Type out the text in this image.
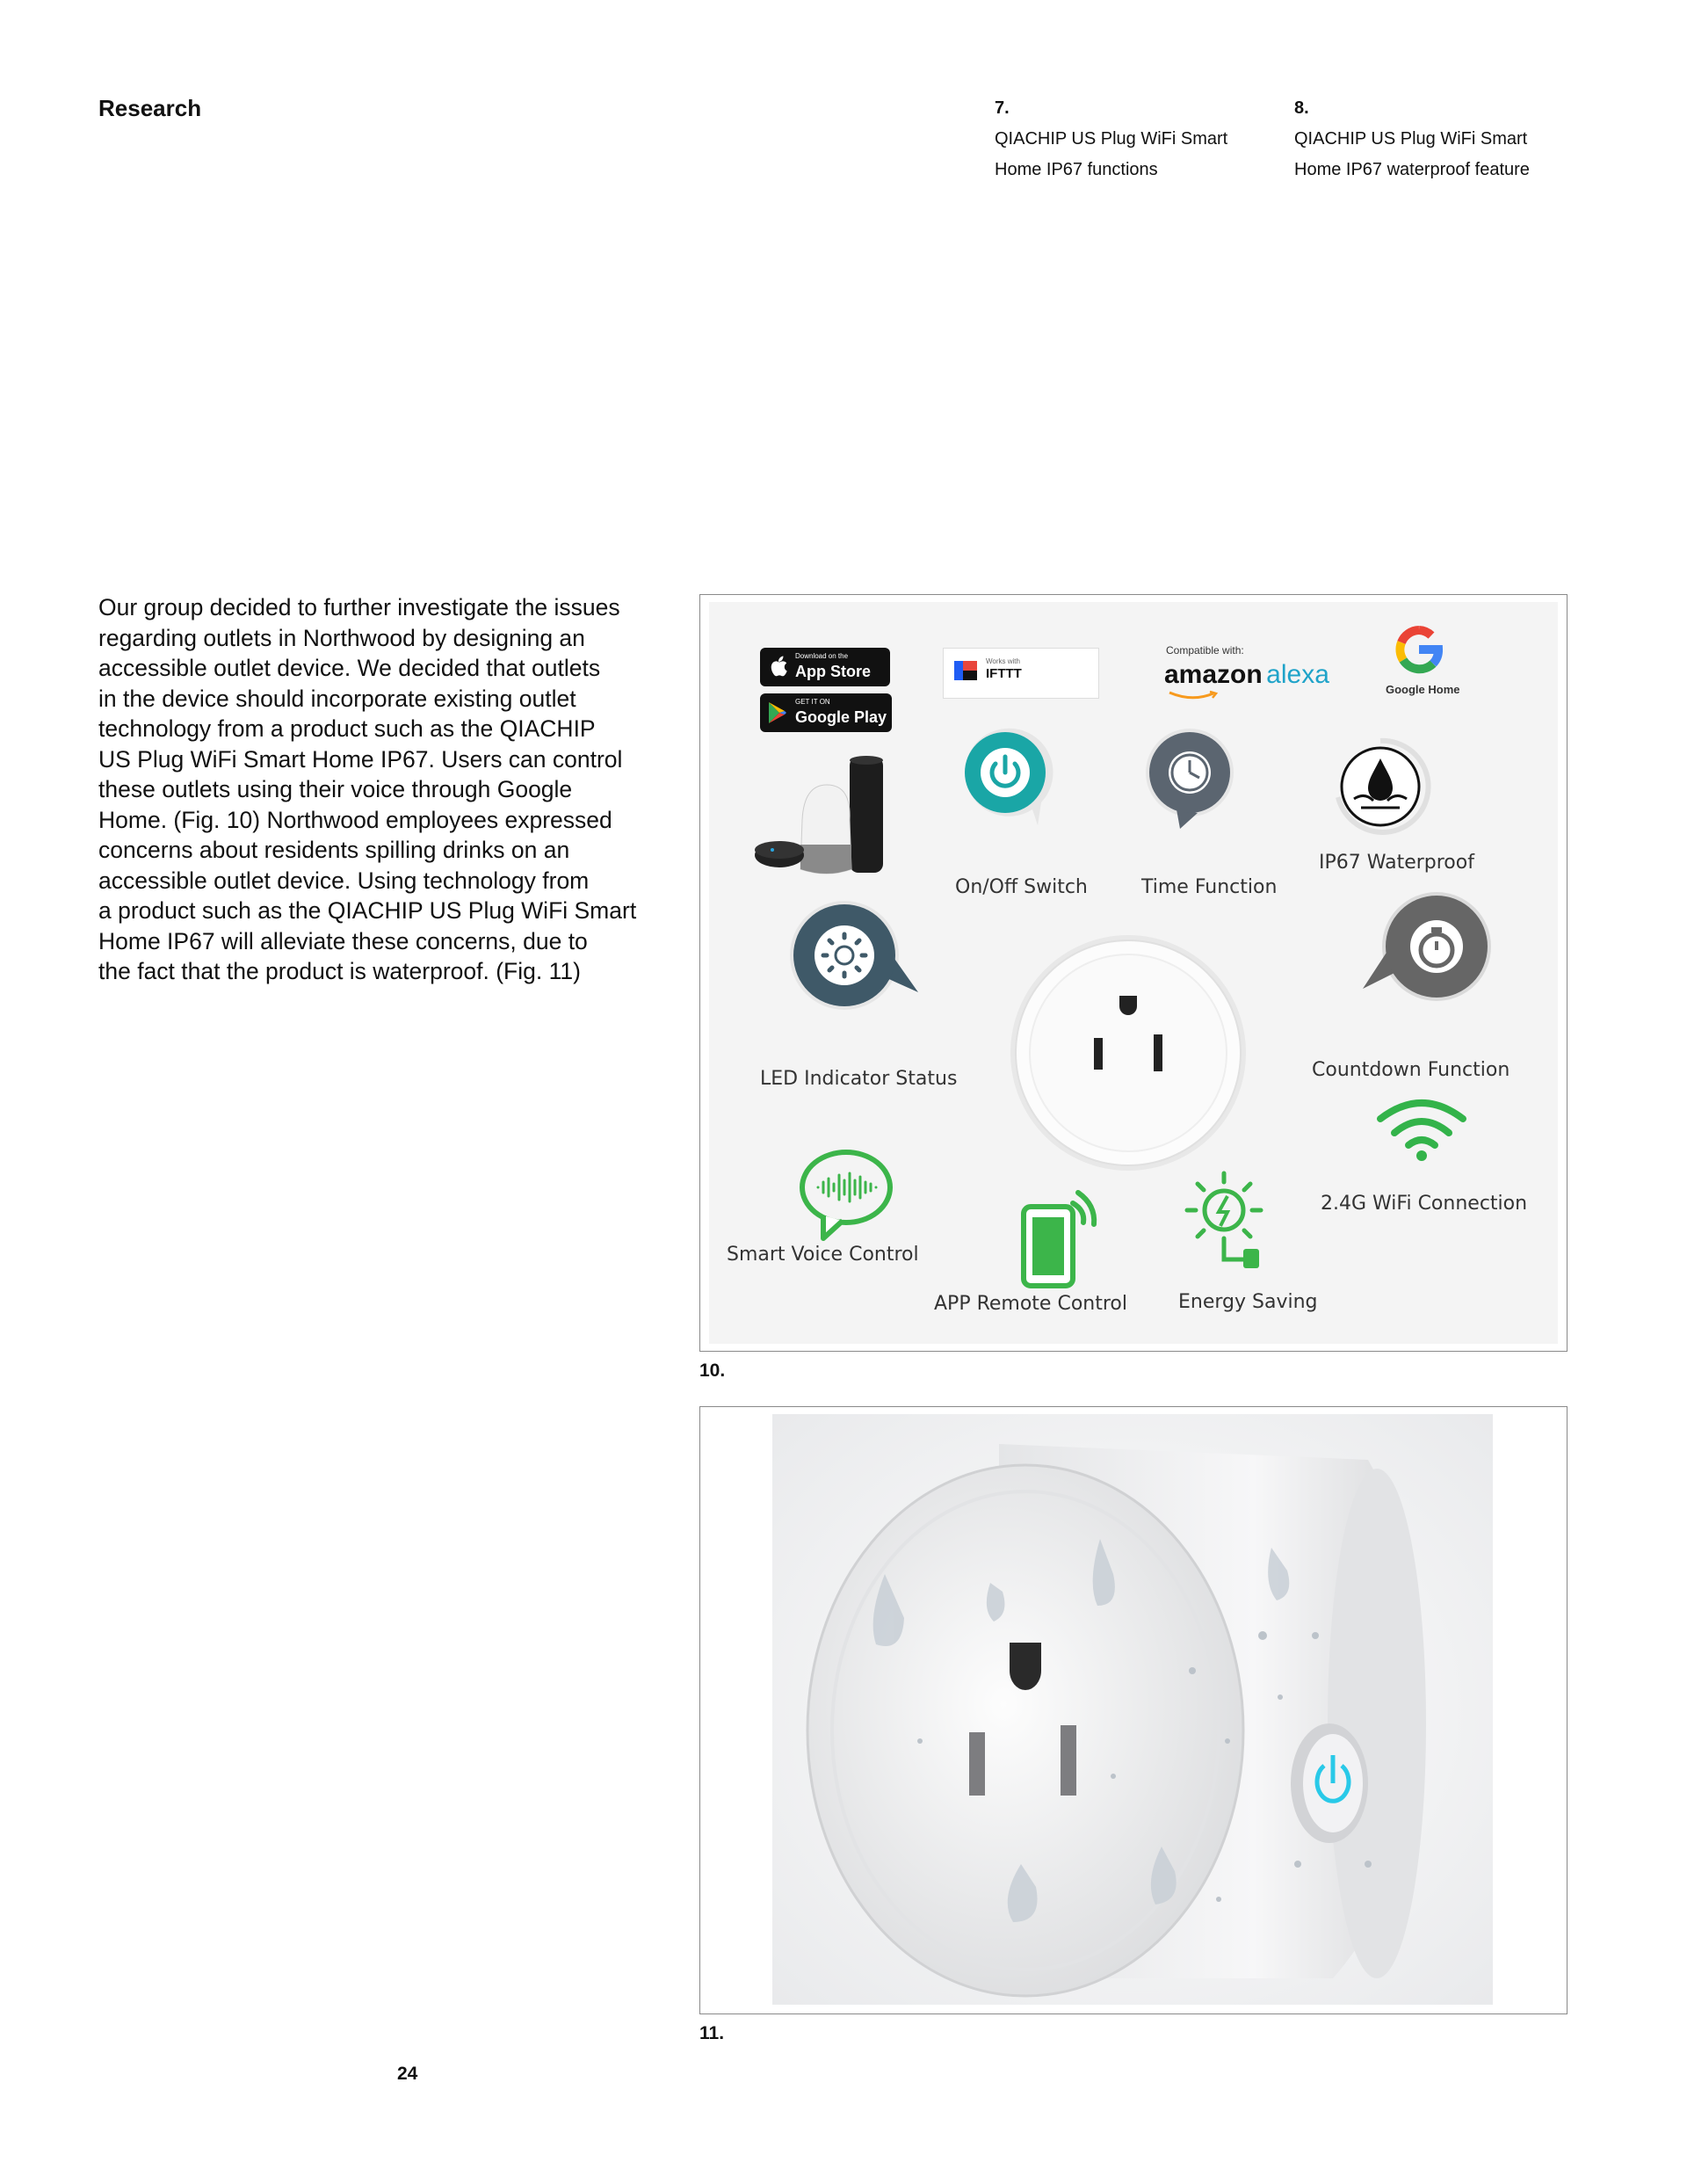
Research	7.
QIACHIP US Plug WiFi Smart
Home IP67 functions
8.
QIACHIP US Plug WiFi Smart
Home IP67 waterproof feature
Our group decided to further investigate the issues
regarding outlets in Northwood by designing an
accessible outlet device. We decided that outlets
in the device should incorporate existing outlet
technology from a product such as the QIACHIP
US Plug WiFi Smart Home IP67. Users can control
these outlets using their voice through Google
Home. (Fig. 10) Northwood employees expressed
concerns about residents spilling drinks on an
accessible outlet device. Using technology from
a product such as the QIACHIP US Plug WiFi Smart
Home IP67 will alleviate these concerns, due to
the fact that the product is waterproof. (Fig. 11)
Download on the
App Store
GET IT ON
Google Play
Works with
IFTTT
Compatible with:
amazon alexa
Google Home
On/Off Switch	Time Function
IP67 Waterproof
LED Indicator Status	Countdown Function
2.4G WiFi Connection
Smart Voice Control
APP Remote Control	Energy Saving
10.
11.
24
